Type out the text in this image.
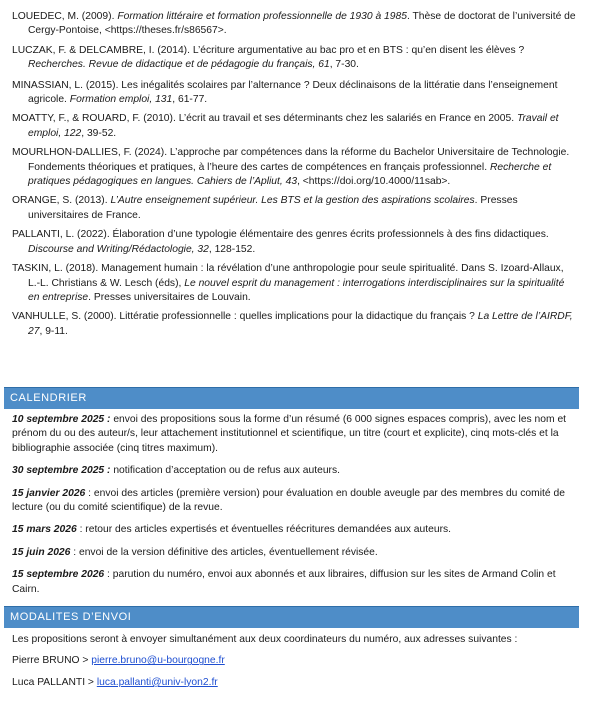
LOUEDEC, M. (2009). Formation littéraire et formation professionnelle de 1930 à 1985. Thèse de doctorat de l’université de Cergy-Pontoise, <https://theses.fr/s86567>.

LUCZAK, F. & DELCAMBRE, I. (2014). L’écriture argumentative au bac pro et en BTS : qu’en disent les élèves ? Recherches. Revue de didactique et de pédagogie du français, 61, 7-30.

MINASSIAN, L. (2015). Les inégalités scolaires par l’alternance ? Deux déclinaisons de la littératie dans l’enseignement agricole. Formation emploi, 131, 61-77.

MOATTY, F., & ROUARD, F. (2010). L’écrit au travail et ses déterminants chez les salariés en France en 2005. Travail et emploi, 122, 39-52.

MOURLHON-DALLIES, F. (2024). L’approche par compétences dans la réforme du Bachelor Universitaire de Technologie. Fondements théoriques et pratiques, à l’heure des cartes de compétences en français professionnel. Recherche et pratiques pédagogiques en langues. Cahiers de l’Apliut, 43, <https://doi.org/10.4000/11sab>.

ORANGE, S. (2013). L’Autre enseignement supérieur. Les BTS et la gestion des aspirations scolaires. Presses universitaires de France.

PALLANTI, L. (2022). Élaboration d’une typologie élémentaire des genres écrits professionnels à des fins didactiques. Discourse and Writing/Rédactologie, 32, 128-152.

TASKIN, L. (2018). Management humain : la révélation d’une anthropologie pour seule spiritualité. Dans S. Izoard-Allaux, L.-L. Christians & W. Lesch (éds), Le nouvel esprit du management : interrogations interdisciplinaires sur la spiritualité en entreprise. Presses universitaires de Louvain.

VANHULLE, S. (2000). Littératie professionnelle : quelles implications pour la didactique du français ? La Lettre de l’AIRDF, 27, 9-11.

CALENDRIER

10 septembre 2025 : envoi des propositions sous la forme d’un résumé (6 000 signes espaces compris), avec les nom et prénom du ou des auteur/s, leur attachement institutionnel et scientifique, un titre (court et explicite), cinq mots-clés et la bibliographie associée (cinq titres maximum).

30 septembre 2025 : notification d’acceptation ou de refus aux auteurs.

15 janvier 2026 : envoi des articles (première version) pour évaluation en double aveugle par des membres du comité de lecture (ou du comité scientifique) de la revue.

15 mars 2026 : retour des articles expertisés et éventuelles réécritures demandées aux auteurs.

15 juin 2026 : envoi de la version définitive des articles, éventuellement révisée.

15 septembre 2026 : parution du numéro, envoi aux abonnés et aux libraires, diffusion sur les sites de Armand Colin et Cairn.

MODALITES D’ENVOI

Les propositions seront à envoyer simultanément aux deux coordinateurs du numéro, aux adresses suivantes :

Pierre BRUNO > pierre.bruno@u-bourgogne.fr

Luca PALLANTI > luca.pallanti@univ-lyon2.fr
